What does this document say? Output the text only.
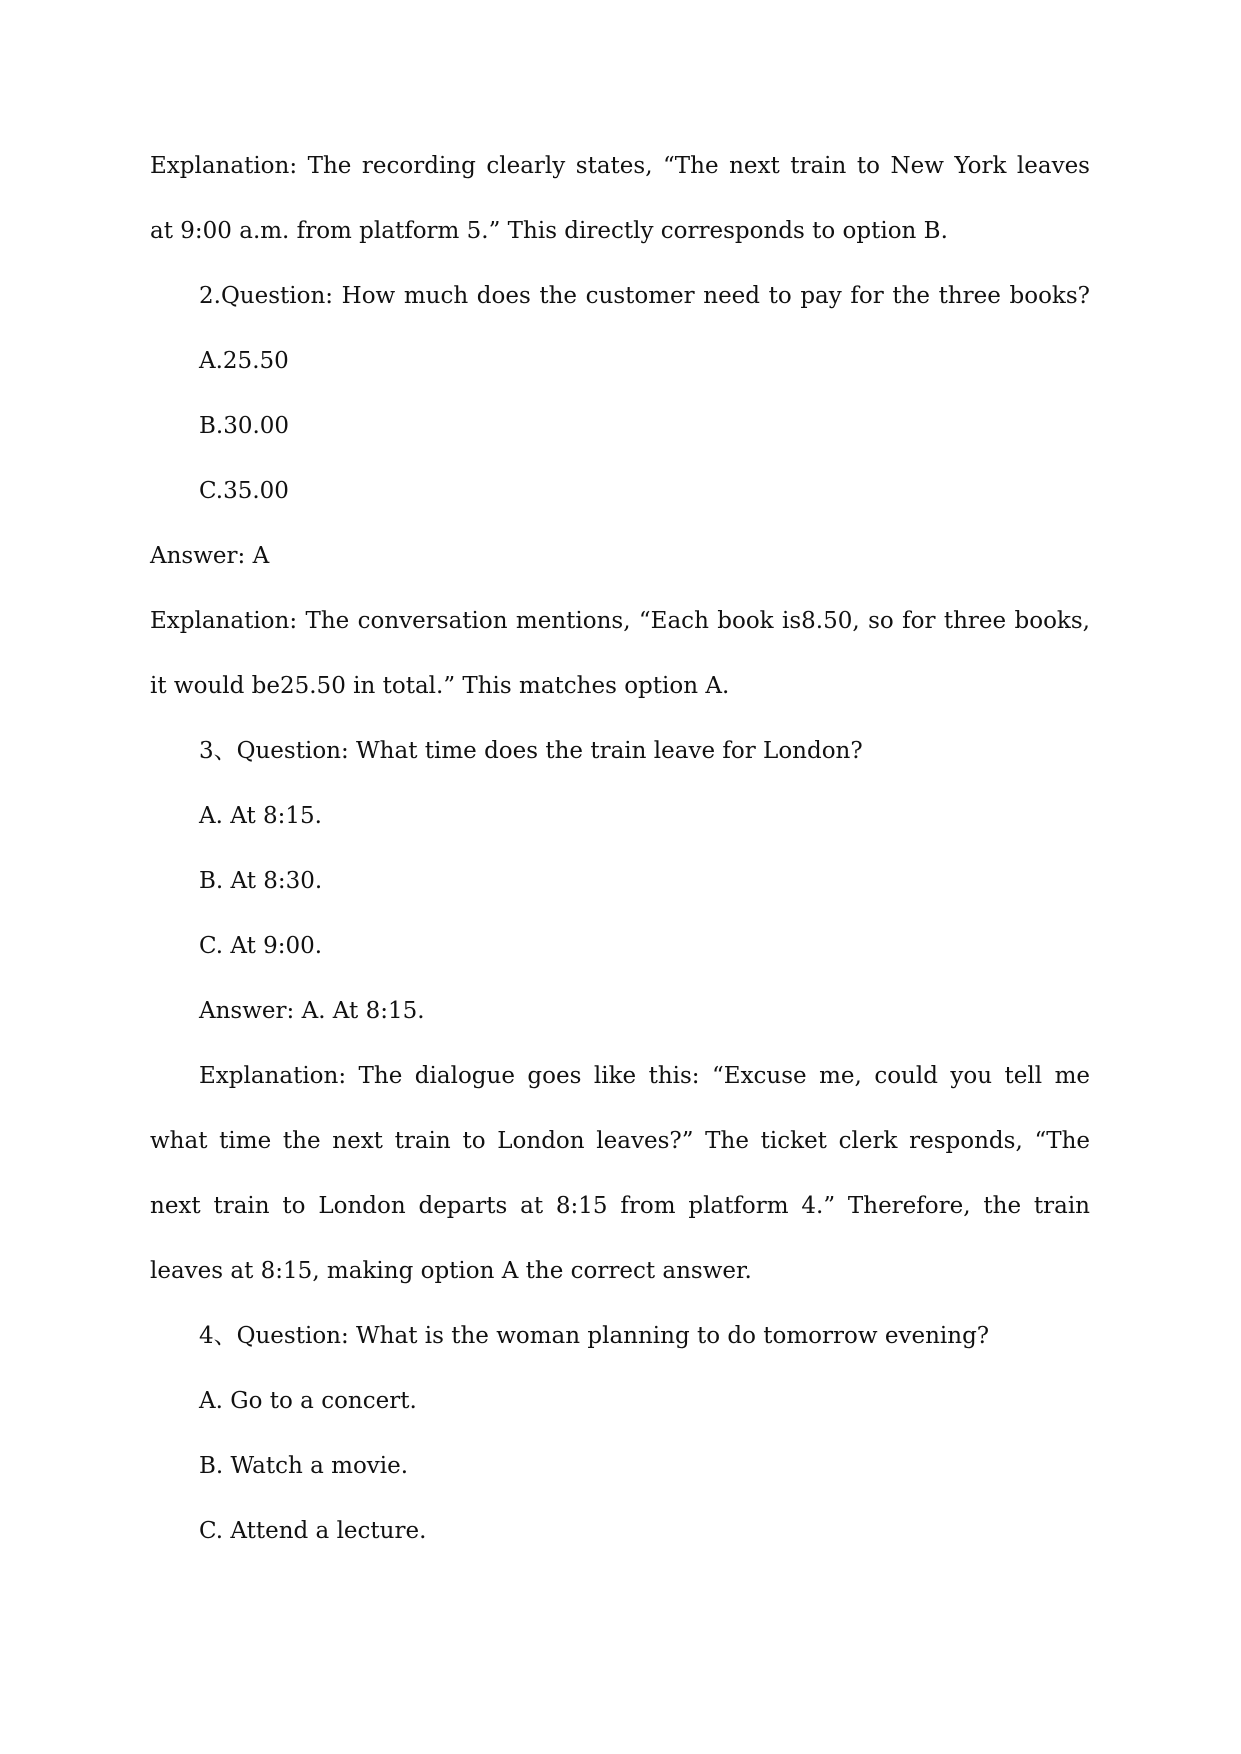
Explanation: The recording clearly states, “The next train to New York leaves
at 9:00 a.m. from platform 5.” This directly corresponds to option B.
2.Question: How much does the customer need to pay for the three books?
A.25.50
B.30.00
C.35.00
Answer: A
Explanation: The conversation mentions, “Each book is8.50, so for three books,
it would be25.50 in total.” This matches option A.
3、Question: What time does the train leave for London?
A. At 8:15.
B. At 8:30.
C. At 9:00.
Answer: A. At 8:15.
Explanation: The dialogue goes like this: “Excuse me, could you tell me
what time the next train to London leaves?” The ticket clerk responds, “The
next train to London departs at 8:15 from platform 4.” Therefore, the train
leaves at 8:15, making option A the correct answer.
4、Question: What is the woman planning to do tomorrow evening?
A. Go to a concert.
B. Watch a movie.
C. Attend a lecture.
